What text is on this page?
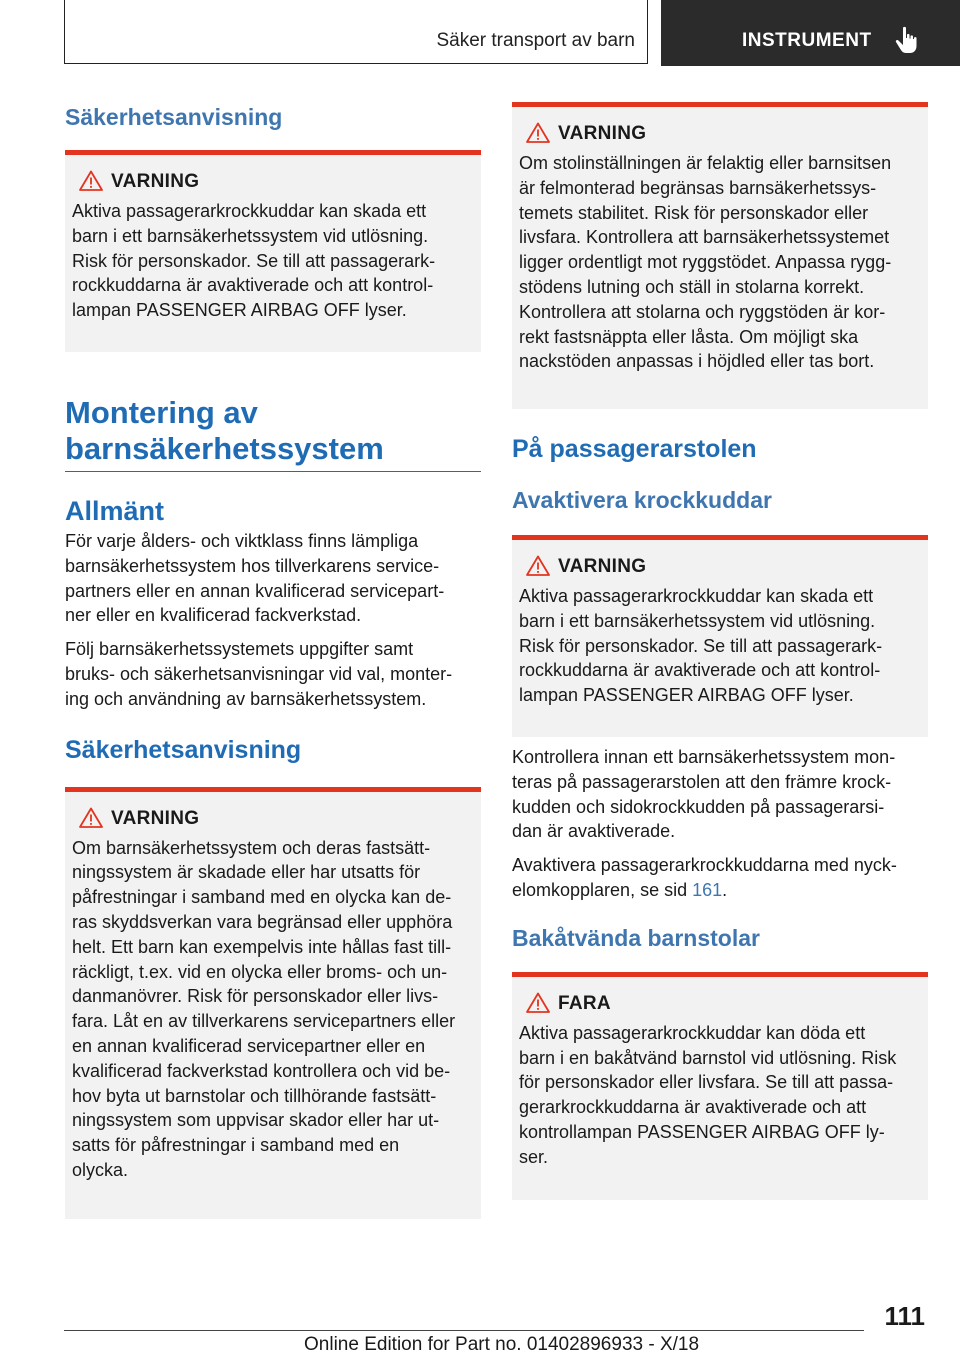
Säker transport av barn	INSTRUMENT
Säkerhetsanvisning
VARNING
Aktiva passagerarkrockkuddar kan skada ett
barn i ett barnsäkerhetssystem vid utlösning.
Risk för personskador. Se till att passagerark-
rockkuddarna är avaktiverade och att kontrol-
lampan PASSENGER AIRBAG OFF lyser.
Montering av
barnsäkerhetssystem
Allmänt
För varje ålders- och viktklass finns lämpliga
barnsäkerhetssystem hos tillverkarens service-
partners eller en annan kvalificerad servicepart-
ner eller en kvalificerad fackverkstad.
Följ barnsäkerhetssystemets uppgifter samt
bruks- och säkerhetsanvisningar vid val, monter-
ing och användning av barnsäkerhetssystem.
Säkerhetsanvisning
VARNING
Om barnsäkerhetssystem och deras fastsätt-
ningssystem är skadade eller har utsatts för
påfrestningar i samband med en olycka kan de-
ras skyddsverkan vara begränsad eller upphöra
helt. Ett barn kan exempelvis inte hållas fast till-
räckligt, t.ex. vid en olycka eller broms- och un-
danmanövrer. Risk för personskador eller livs-
fara. Låt en av tillverkarens servicepartners eller
en annan kvalificerad servicepartner eller en
kvalificerad fackverkstad kontrollera och vid be-
hov byta ut barnstolar och tillhörande fastsätt-
ningssystem som uppvisar skador eller har ut-
satts för påfrestningar i samband med en
olycka.
VARNING
Om stolinställningen är felaktig eller barnsitsen
är felmonterad begränsas barnsäkerhetssys-
temets stabilitet. Risk för personskador eller
livsfara. Kontrollera att barnsäkerhetssystemet
ligger ordentligt mot ryggstödet. Anpassa rygg-
stödens lutning och ställ in stolarna korrekt.
Kontrollera att stolarna och ryggstöden är kor-
rekt fastsnäppta eller låsta. Om möjligt ska
nackstöden anpassas i höjdled eller tas bort.
På passagerarstolen
Avaktivera krockkuddar
VARNING
Aktiva passagerarkrockkuddar kan skada ett
barn i ett barnsäkerhetssystem vid utlösning.
Risk för personskador. Se till att passagerark-
rockkuddarna är avaktiverade och att kontrol-
lampan PASSENGER AIRBAG OFF lyser.
Kontrollera innan ett barnsäkerhetssystem mon-
teras på passagerarstolen att den främre krock-
kudden och sidokrockkudden på passagerarsi-
dan är avaktiverade.
Avaktivera passagerarkrockkuddarna med nyck-
elomkopplaren, se sid 161.
Bakåtvända barnstolar
FARA
Aktiva passagerarkrockkuddar kan döda ett
barn i en bakåtvänd barnstol vid utlösning. Risk
för personskador eller livsfara. Se till att passa-
gerarkrockkuddarna är avaktiverade och att
kontrollampan PASSENGER AIRBAG OFF ly-
ser.
111
Online Edition for Part no. 01402896933 - X/18
